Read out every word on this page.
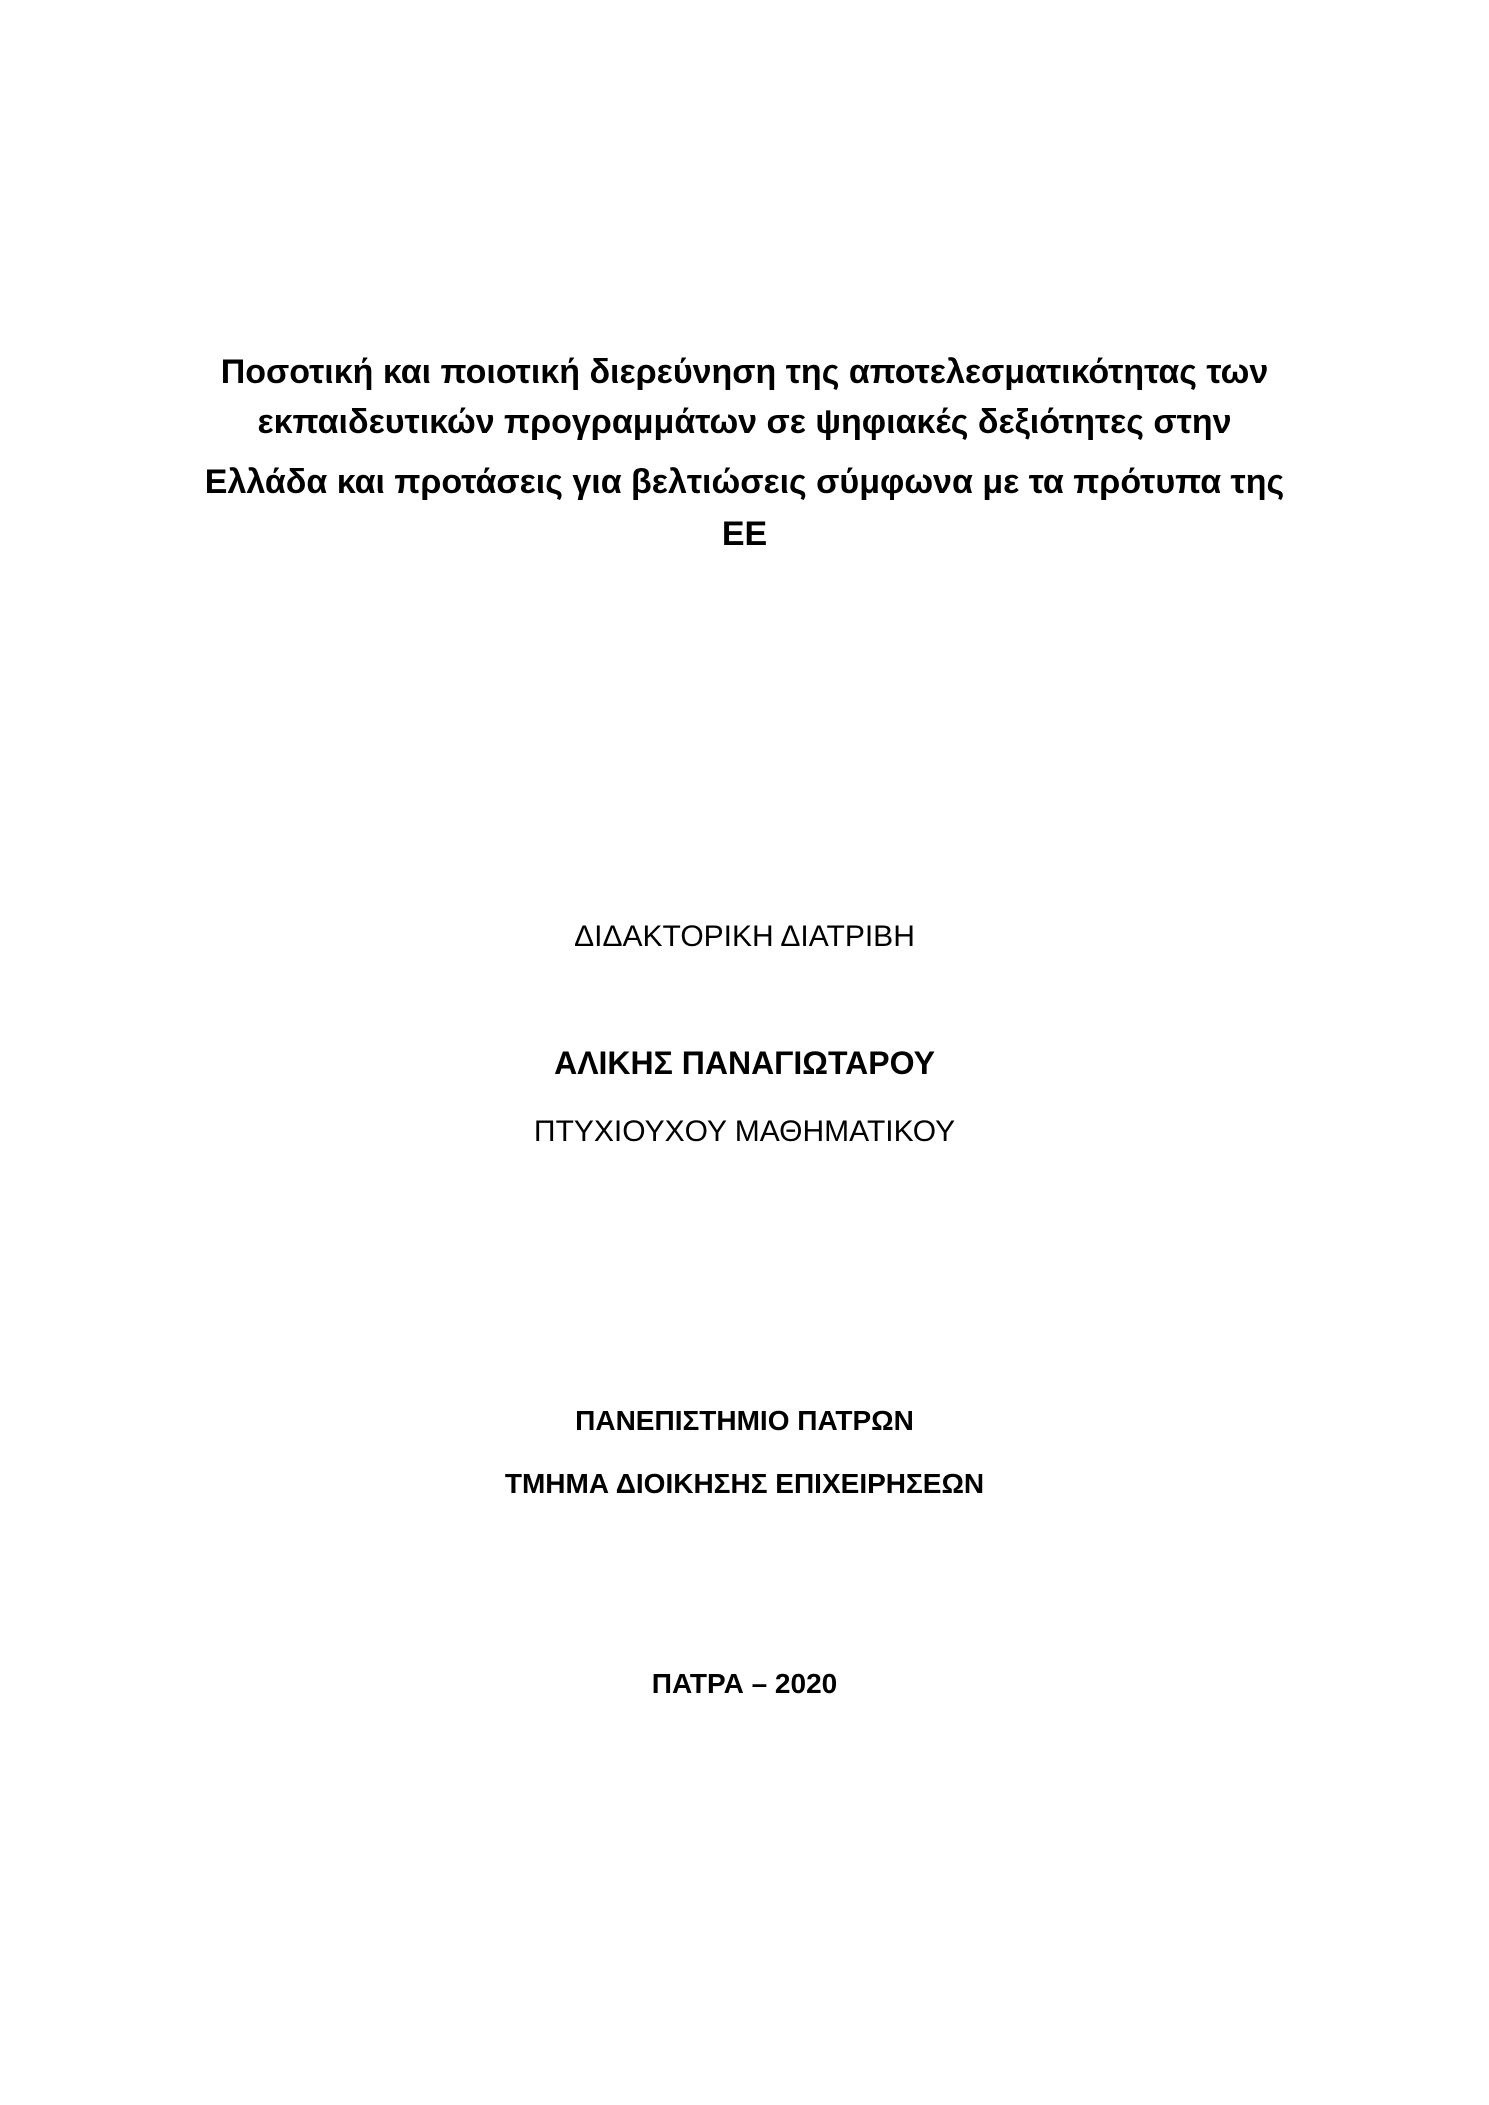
Ποσοτική και ποιοτική διερεύνηση της αποτελεσματικότητας των
εκπαιδευτικών προγραμμάτων σε ψηφιακές δεξιότητες στην
Ελλάδα και προτάσεις για βελτιώσεις σύμφωνα με τα πρότυπα της
ΕΕ
ΔΙΔΑΚΤΟΡΙΚΗ ΔΙΑΤΡΙΒΗ
ΑΛΙΚΗΣ ΠΑΝΑΓΙΩΤΑΡΟΥ
ΠΤΥΧΙΟΥΧΟΥ ΜΑΘΗΜΑΤΙΚΟΥ
ΠΑΝΕΠΙΣΤΗΜΙΟ ΠΑΤΡΩΝ
ΤΜΗΜΑ ΔΙΟΙΚΗΣΗΣ ΕΠΙΧΕΙΡΗΣΕΩΝ
ΠΑΤΡΑ – 2020
